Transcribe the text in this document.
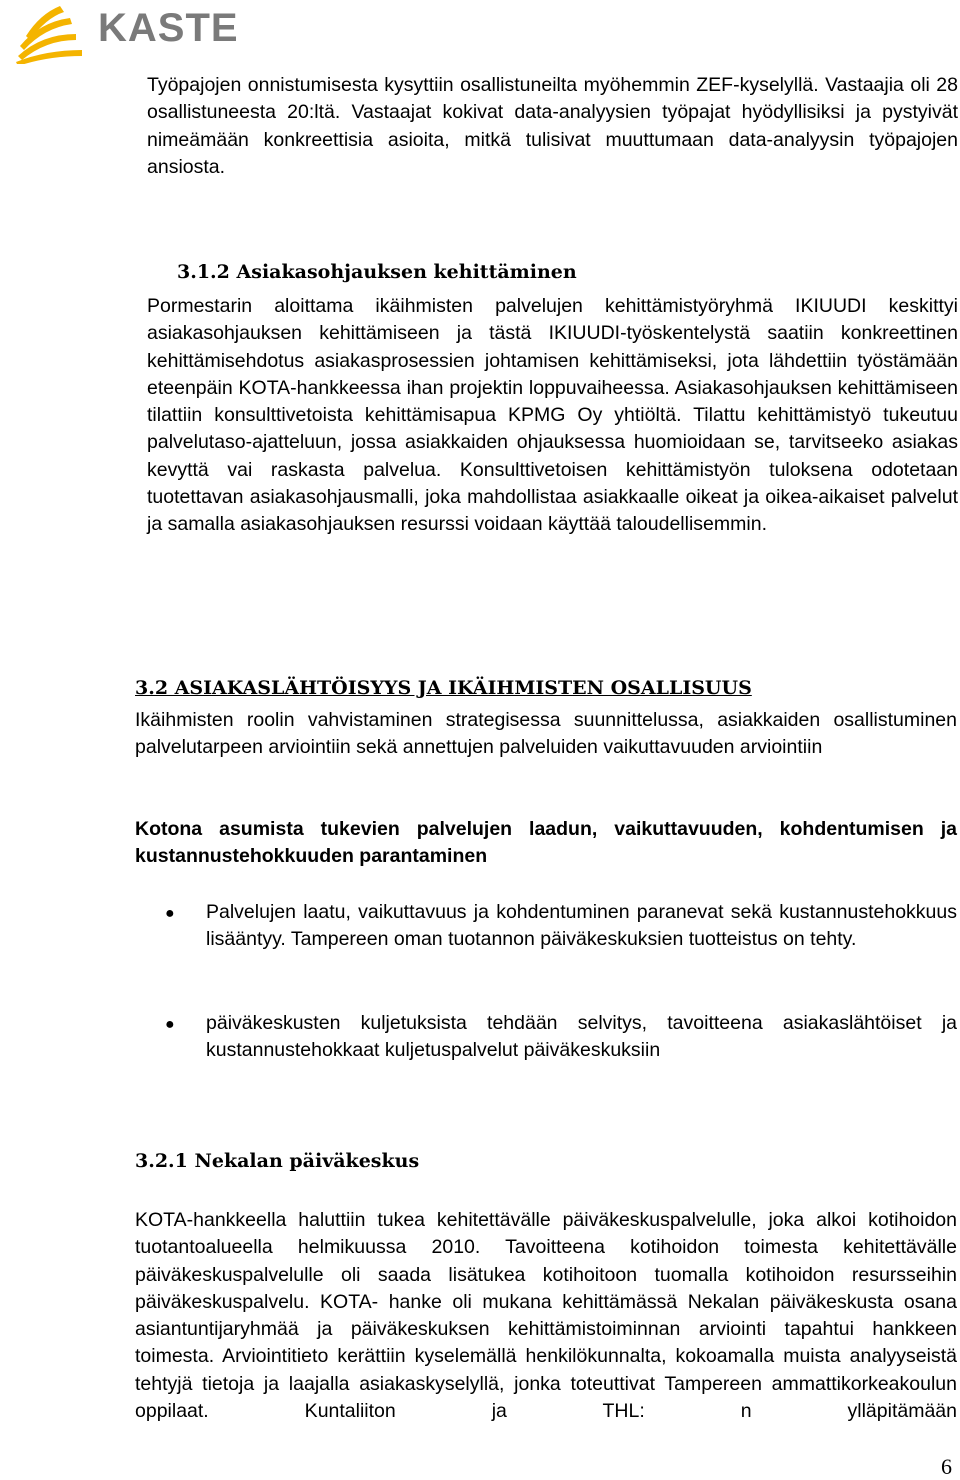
KASTE

Työpajojen onnistumisesta kysyttiin osallistuneilta myöhemmin ZEF-kyselyllä. Vastaajia oli 28 osallistuneesta 20:ltä. Vastaajat kokivat data-analyysien työpajat hyödyllisiksi ja pystyivät nimeämään konkreettisia asioita, mitkä tulisivat muuttumaan data-analyysin työpajojen ansiosta.

3.1.2 Asiakasohjauksen kehittäminen

Pormestarin aloittama ikäihmisten palvelujen kehittämistyöryhmä IKIUUDI keskittyi asiakasohjauksen kehittämiseen ja tästä IKIUUDI-työskentelystä saatiin konkreettinen kehittämisehdotus asiakasprosessien johtamisen kehittämiseksi, jota lähdettiin työstämään eteenpäin KOTA-hankkeessa ihan projektin loppuvaiheessa. Asiakasohjauksen kehittämiseen tilattiin konsulttivetoista kehittämisapua KPMG Oy yhtiöltä. Tilattu kehittämistyö tukeutuu palvelutaso-ajatteluun, jossa asiakkaiden ohjauksessa huomioidaan se, tarvitseeko asiakas kevyttä vai raskasta palvelua. Konsulttivetoisen kehittämistyön tuloksena odotetaan tuotettavan asiakasohjausmalli, joka mahdollistaa asiakkaalle oikeat ja oikea-aikaiset palvelut ja samalla asiakasohjauksen resurssi voidaan käyttää taloudellisemmin.

3.2 ASIAKASLÄHTÖISYYS JA IKÄIHMISTEN OSALLISUUS

Ikäihmisten roolin vahvistaminen strategisessa suunnittelussa, asiakkaiden osallistuminen palvelutarpeen arviointiin sekä annettujen palveluiden vaikuttavuuden arviointiin

Kotona asumista tukevien palvelujen laadun, vaikuttavuuden, kohdentumisen ja kustannustehokkuuden parantaminen

● Palvelujen laatu, vaikuttavuus ja kohdentuminen paranevat sekä kustannustehokkuus lisääntyy. Tampereen oman tuotannon päiväkeskuksien tuotteistus on tehty.

● päiväkeskusten kuljetuksista tehdään selvitys, tavoitteena asiakaslähtöiset ja kustannustehokkaat kuljetuspalvelut päiväkeskuksiin

3.2.1 Nekalan päiväkeskus

KOTA-hankkeella haluttiin tukea kehitettävälle päiväkeskuspalvelulle, joka alkoi kotihoidon tuotantoalueella helmikuussa 2010. Tavoitteena kotihoidon toimesta kehitettävälle päiväkeskuspalvelulle oli saada lisätukea kotihoitoon tuomalla kotihoidon resursseihin päiväkeskuspalvelu. KOTA- hanke oli mukana kehittämässä Nekalan päiväkeskusta osana asiantuntijaryhmää ja päiväkeskuksen kehittämistoiminnan arviointi tapahtui hankkeen toimesta. Arviointitieto kerättiin kyselemällä henkilökunnalta, kokoamalla muista analyyseistä tehtyjä tietoja ja laajalla asiakaskyselyllä, jonka toteuttivat Tampereen ammattikorkeakoulun oppilaat. Kuntaliiton ja THL: n ylläpitämään

6
